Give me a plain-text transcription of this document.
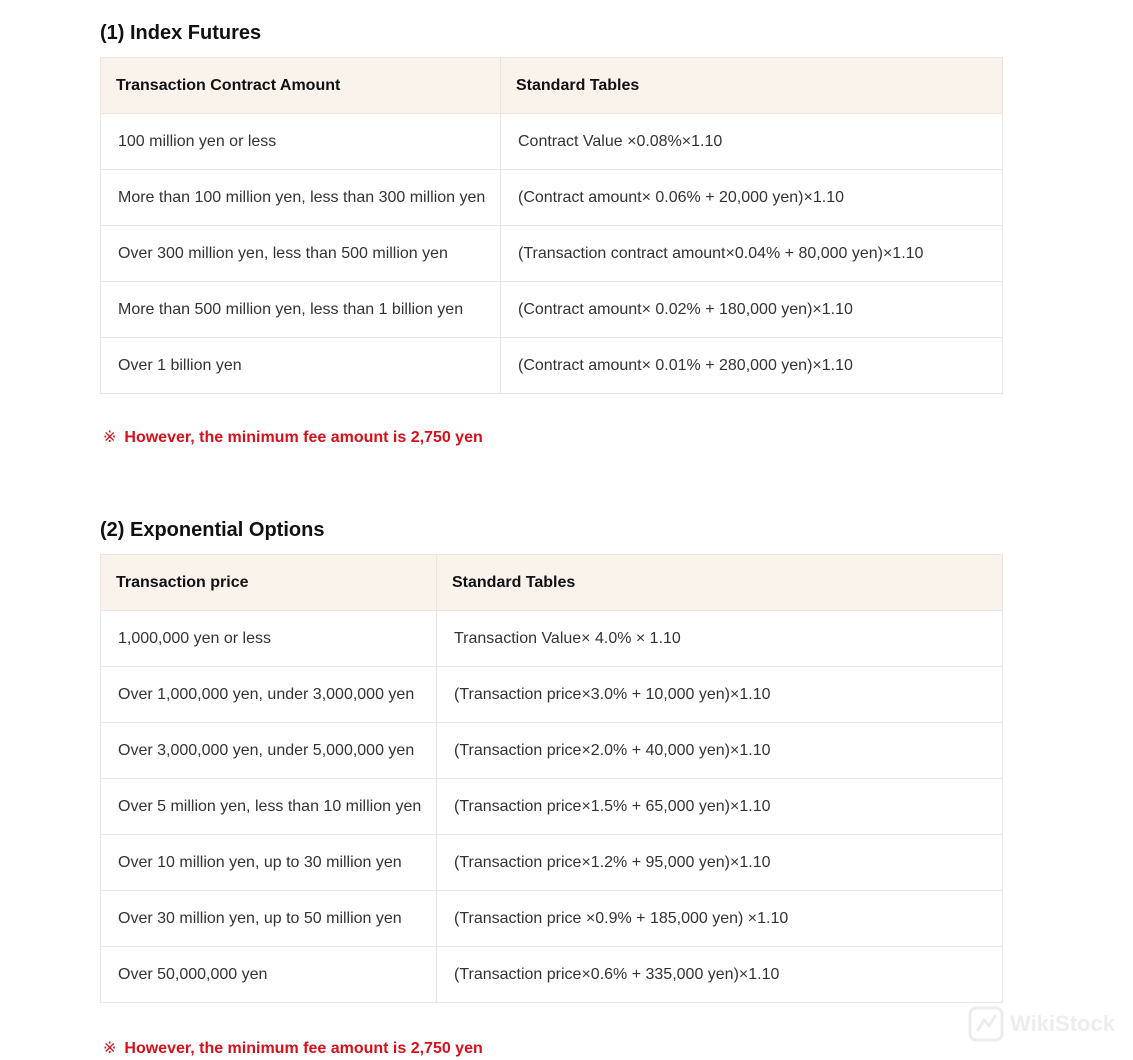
(1) Index Futures
Transaction Contract Amount	Standard Tables
100 million yen or less	Contract Value ×0.08%×1.10
More than 100 million yen, less than 300 million yen	(Contract amount× 0.06% + 20,000 yen)×1.10
Over 300 million yen, less than 500 million yen	(Transaction contract amount×0.04% + 80,000 yen)×1.10
More than 500 million yen, less than 1 billion yen	(Contract amount× 0.02% + 180,000 yen)×1.10
Over 1 billion yen	(Contract amount× 0.01% + 280,000 yen)×1.10

※ However, the minimum fee amount is 2,750 yen

(2) Exponential Options
Transaction price	Standard Tables
1,000,000 yen or less	Transaction Value× 4.0% × 1.10
Over 1,000,000 yen, under 3,000,000 yen	(Transaction price×3.0% + 10,000 yen)×1.10
Over 3,000,000 yen, under 5,000,000 yen	(Transaction price×2.0% + 40,000 yen)×1.10
Over 5 million yen, less than 10 million yen	(Transaction price×1.5% + 65,000 yen)×1.10
Over 10 million yen, up to 30 million yen	(Transaction price×1.2% + 95,000 yen)×1.10
Over 30 million yen, up to 50 million yen	(Transaction price ×0.9% + 185,000 yen) ×1.10
Over 50,000,000 yen	(Transaction price×0.6% + 335,000 yen)×1.10

※ However, the minimum fee amount is 2,750 yen

WikiStock
